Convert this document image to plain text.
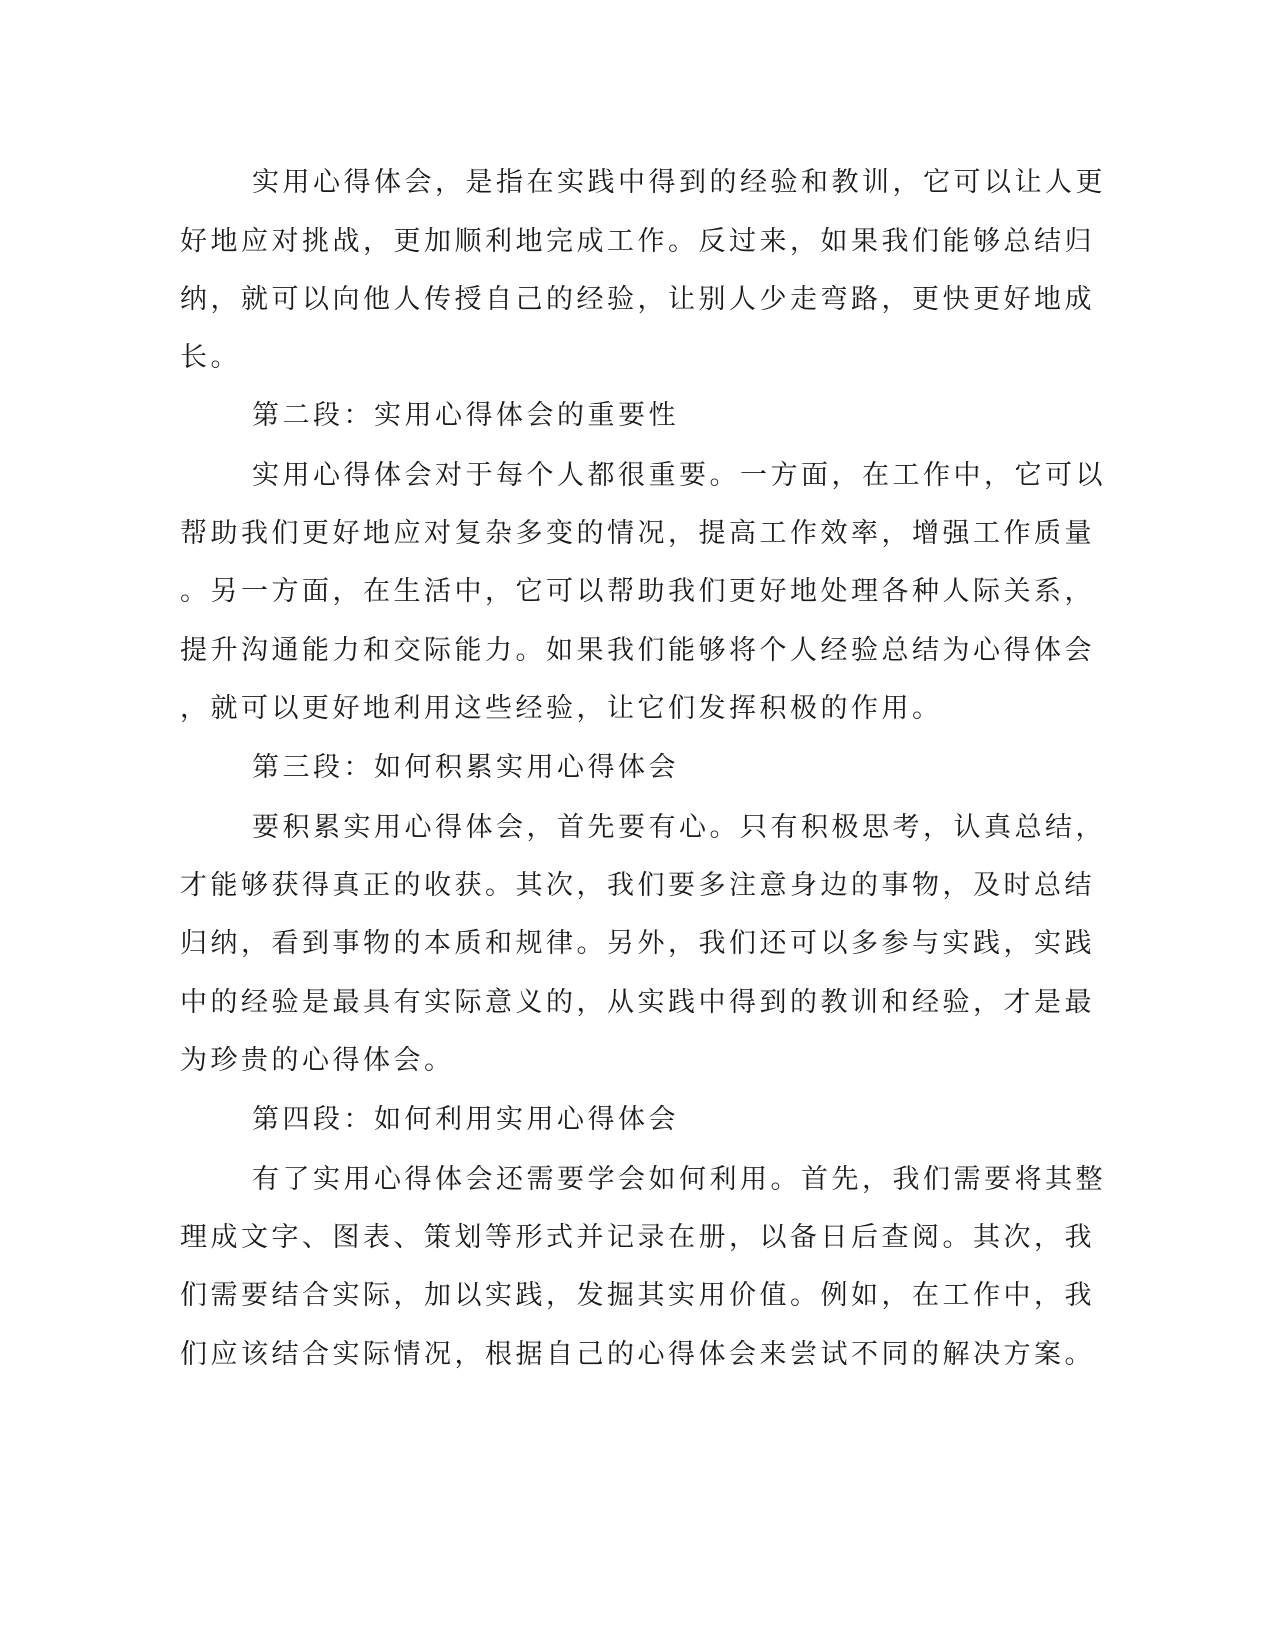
实用心得体会，是指在实践中得到的经验和教训，它可以让人更

好地应对挑战，更加顺利地完成工作。反过来，如果我们能够总结归

纳，就可以向他人传授自己的经验，让别人少走弯路，更快更好地成

长。

第二段：实用心得体会的重要性

实用心得体会对于每个人都很重要。一方面，在工作中，它可以

帮助我们更好地应对复杂多变的情况，提高工作效率，增强工作质量

。另一方面，在生活中，它可以帮助我们更好地处理各种人际关系，

提升沟通能力和交际能力。如果我们能够将个人经验总结为心得体会

，就可以更好地利用这些经验，让它们发挥积极的作用。

第三段：如何积累实用心得体会

要积累实用心得体会，首先要有心。只有积极思考，认真总结，

才能够获得真正的收获。其次，我们要多注意身边的事物，及时总结

归纳，看到事物的本质和规律。另外，我们还可以多参与实践，实践

中的经验是最具有实际意义的，从实践中得到的教训和经验，才是最

为珍贵的心得体会。

第四段：如何利用实用心得体会

有了实用心得体会还需要学会如何利用。首先，我们需要将其整

理成文字、图表、策划等形式并记录在册，以备日后查阅。其次，我

们需要结合实际，加以实践，发掘其实用价值。例如，在工作中，我

们应该结合实际情况，根据自己的心得体会来尝试不同的解决方案。
